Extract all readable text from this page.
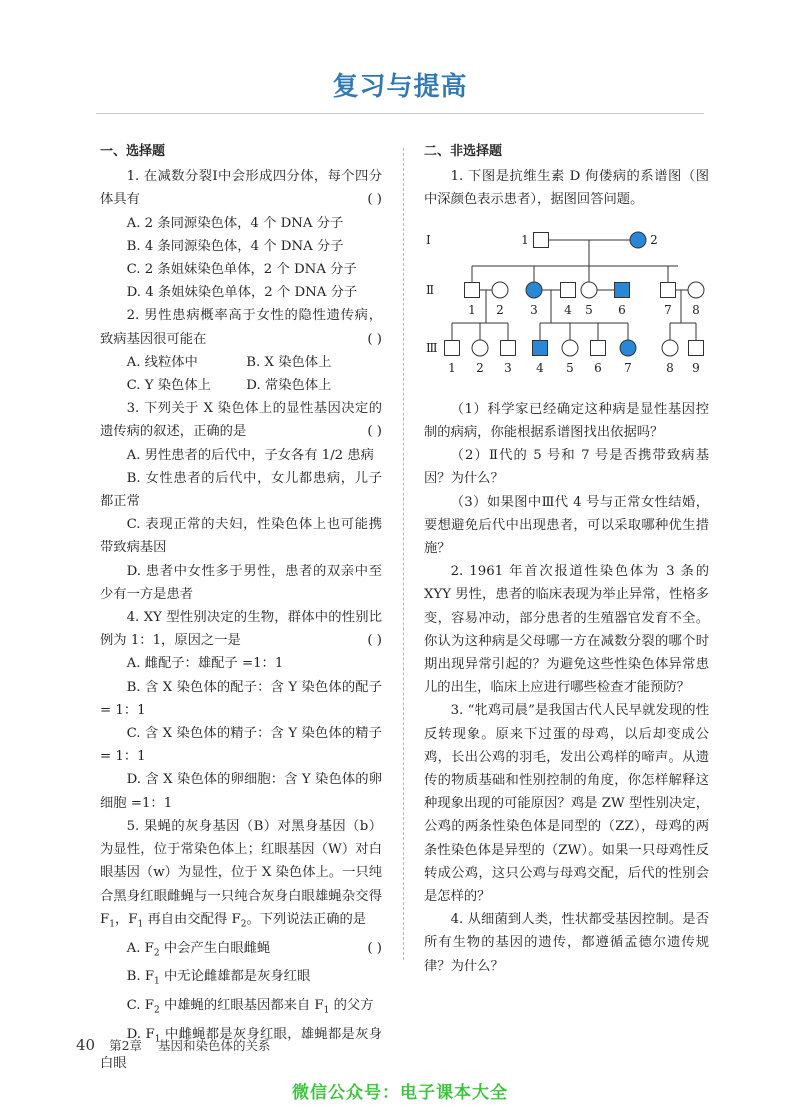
复习与提高

一、选择题

1. 在减数分裂Ⅰ中会形成四分体，每个四分体具有	( )

A. 2 条同源染色体，4 个 DNA 分子

B. 4 条同源染色体，4 个 DNA 分子

C. 2 条姐妹染色单体，2 个 DNA 分子

D. 4 条姐妹染色单体，2 个 DNA 分子

2. 男性患病概率高于女性的隐性遗传病，致病基因很可能在	( )

A. 线粒体中	B. X 染色体上

C. Y 染色体上	D. 常染色体上

3. 下列关于 X 染色体上的显性基因决定的遗传病的叙述，正确的是	( )

A. 男性患者的后代中，子女各有 1/2 患病

B. 女性患者的后代中，女儿都患病，儿子都正常

C. 表现正常的夫妇，性染色体上也可能携带致病基因

D. 患者中女性多于男性，患者的双亲中至少有一方是患者

4. XY 型性别决定的生物，群体中的性别比例为 1：1，原因之一是	( )

A. 雌配子：雄配子 =1：1

B. 含 X 染色体的配子：含 Y 染色体的配子 = 1：1

C. 含 X 染色体的精子：含 Y 染色体的精子 = 1：1

D. 含 X 染色体的卵细胞：含 Y 染色体的卵细胞 =1：1

5. 果蝇的灰身基因（B）对黑身基因（b）为显性，位于常染色体上；红眼基因（W）对白眼基因（w）为显性，位于 X 染色体上。一只纯合黑身红眼雌蝇与一只纯合灰身白眼雄蝇杂交得 $F_1$，$F_1$ 再自由交配得 $F_2$。下列说法正确的是
( )

A. $F_2$ 中会产生白眼雌蝇

B. $F_1$ 中无论雌雄都是灰身红眼

C. $F_2$ 中雄蝇的红眼基因都来自 $F_1$ 的父方

D. $F_1$ 中雌蝇都是灰身红眼，雄蝇都是灰身白眼

二、非选择题

1. 下图是抗维生素 D 佝偻病的系谱图（图中深颜色表示患者），据图回答问题。

1	2
1 2 3 4 5 6	7 8
1 2 3 4 5 6 7	8 9
Ⅰ
Ⅱ
Ⅲ

（1）科学家已经确定这种病是显性基因控制的病病，你能根据系谱图找出依据吗？

（2）Ⅱ代的 5 号和 7 号是否携带致病基因？为什么？

（3）如果图中Ⅲ代 4 号与正常女性结婚，要想避免后代中出现患者，可以采取哪种优生措施？

2. 1961 年首次报道性染色体为 3 条的 XYY 男性，患者的临床表现为举止异常，性格多变，容易冲动，部分患者的生殖器官发育不全。你认为这种病是父母哪一方在减数分裂的哪个时期出现异常引起的？为避免这些性染色体异常患儿的出生，临床上应进行哪些检查才能预防？

3. “牝鸡司晨”是我国古代人民早就发现的性反转现象。原来下过蛋的母鸡，以后却变成公鸡，长出公鸡的羽毛，发出公鸡样的啼声。从遗传的物质基础和性别控制的角度，你怎样解释这种现象出现的可能原因？鸡是 ZW 型性别决定，公鸡的两条性染色体是同型的（ZZ），母鸡的两条性染色体是异型的（ZW）。如果一只母鸡性反转成公鸡，这只公鸡与母鸡交配，后代的性别会是怎样的？

4. 从细菌到人类，性状都受基因控制。是否所有生物的基因的遗传，都遵循孟德尔遗传规律？为什么？

40 第2章 基因和染色体的关系
微信公众号：电子课本大全
